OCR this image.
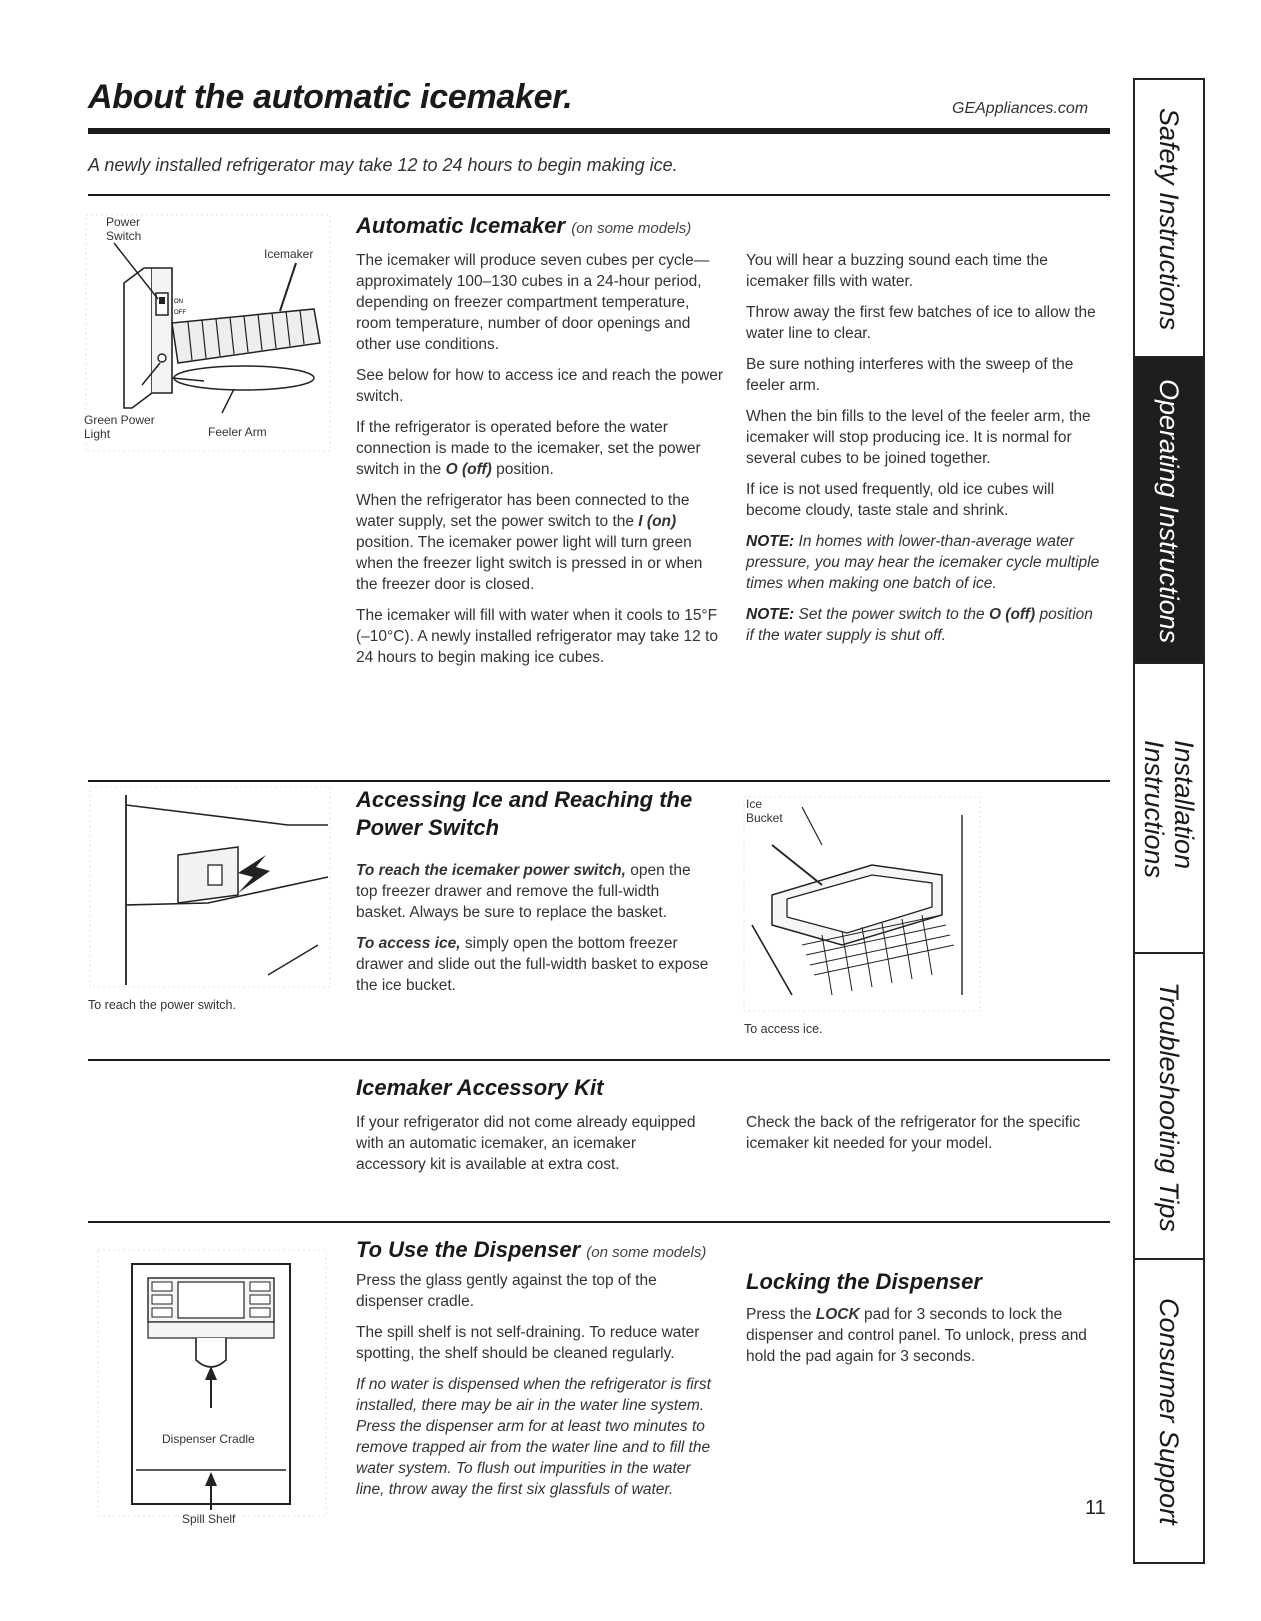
About the automatic icemaker.	GEAppliances.com
A newly installed refrigerator may take 12 to 24 hours to begin making ice.
ON
OFF
Power
Switch
Icemaker
Green Power
Light	Feeler Arm
Automatic Icemaker (on some models)

The icemaker will produce seven cubes per cycle—approximately 100–130 cubes in a 24-hour period, depending on freezer compartment temperature, room temperature, number of door openings and other use conditions.

See below for how to access ice and reach the power switch.

If the refrigerator is operated before the water connection is made to the icemaker, set the power switch in the O (off) position.

When the refrigerator has been connected to the water supply, set the power switch to the I (on) position. The icemaker power light will turn green when the freezer light switch is pressed in or when the freezer door is closed.

The icemaker will fill with water when it cools to 15°F (–10°C). A newly installed refrigerator may take 12 to 24 hours to begin making ice cubes.

You will hear a buzzing sound each time the icemaker fills with water.

Throw away the first few batches of ice to allow the water line to clear.

Be sure nothing interferes with the sweep of the feeler arm.

When the bin fills to the level of the feeler arm, the icemaker will stop producing ice. It is normal for several cubes to be joined together.

If ice is not used frequently, old ice cubes will become cloudy, taste stale and shrink.

NOTE: In homes with lower-than-average water pressure, you may hear the icemaker cycle multiple times when making one batch of ice.

NOTE: Set the power switch to the O (off) position if the water supply is shut off.

To reach the power switch.
Accessing Ice and Reaching the Power Switch

To reach the icemaker power switch, open the top freezer drawer and remove the full-width basket. Always be sure to replace the basket.

To access ice, simply open the bottom freezer drawer and slide out the full-width basket to expose the ice bucket.

Ice
Bucket
To access ice.
Icemaker Accessory Kit
If your refrigerator did not come already equipped with an automatic icemaker, an icemaker accessory kit is available at extra cost.
Check the back of the refrigerator for the specific icemaker kit needed for your model.
Dispenser Cradle
Spill Shelf
To Use the Dispenser (on some models)

Press the glass gently against the top of the dispenser cradle.

The spill shelf is not self-draining. To reduce water spotting, the shelf should be cleaned regularly.

If no water is dispensed when the refrigerator is first installed, there may be air in the water line system. Press the dispenser arm for at least two minutes to remove trapped air from the water line and to fill the water system. To flush out impurities in the water line, throw away the first six glassfuls of water.

Locking the Dispenser

Press the LOCK pad for 3 seconds to lock the dispenser and control panel. To unlock, press and hold the pad again for 3 seconds.

11
Safety Instructions
Operating Instructions
Installation
Instructions
Troubleshooting Tips
Consumer Support
